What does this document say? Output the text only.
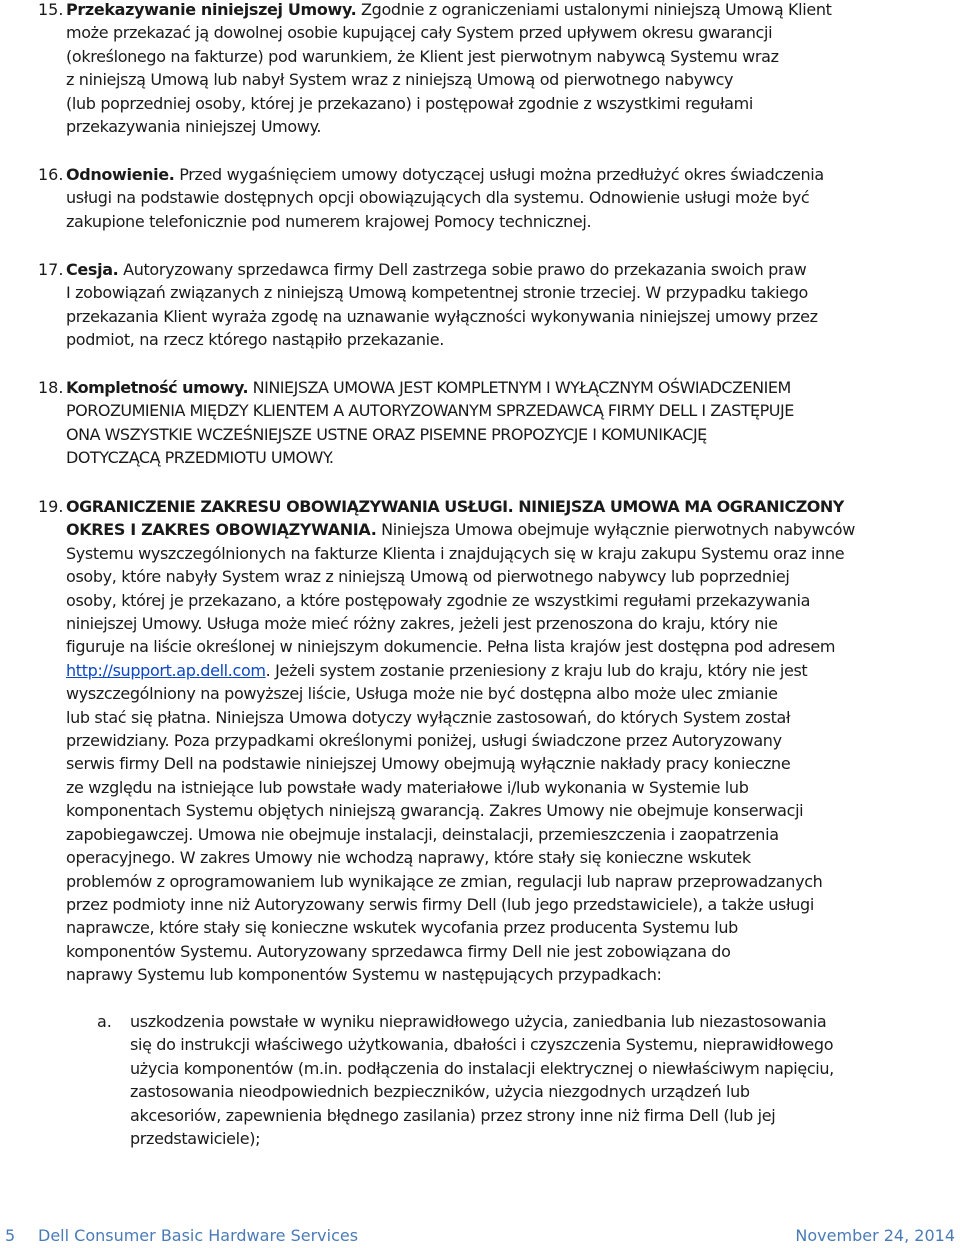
15. Przekazywanie niniejszej Umowy. Zgodnie z ograniczeniami ustalonymi niniejszą Umową Klient
może przekazać ją dowolnej osobie kupującej cały System przed upływem okresu gwarancji
(określonego na fakturze) pod warunkiem, że Klient jest pierwotnym nabywcą Systemu wraz
z niniejszą Umową lub nabył System wraz z niniejszą Umową od pierwotnego nabywcy
(lub poprzedniej osoby, której je przekazano) i postępował zgodnie z wszystkimi regułami
przekazywania niniejszej Umowy.
16. Odnowienie. Przed wygaśnięciem umowy dotyczącej usługi można przedłużyć okres świadczenia
usługi na podstawie dostępnych opcji obowiązujących dla systemu. Odnowienie usługi może być
zakupione telefonicznie pod numerem krajowej Pomocy technicznej.
17. Cesja. Autoryzowany sprzedawca firmy Dell zastrzega sobie prawo do przekazania swoich praw
I zobowiązań związanych z niniejszą Umową kompetentnej stronie trzeciej. W przypadku takiego
przekazania Klient wyraża zgodę na uznawanie wyłączności wykonywania niniejszej umowy przez
podmiot, na rzecz którego nastąpiło przekazanie.
18. Kompletność umowy. NINIEJSZA UMOWA JEST KOMPLETNYM I WYŁĄCZNYM OŚWIADCZENIEM
POROZUMIENIA MIĘDZY KLIENTEM A AUTORYZOWANYM SPRZEDAWCĄ FIRMY DELL I ZASTĘPUJE
ONA WSZYSTKIE WCZEŚNIEJSZE USTNE ORAZ PISEMNE PROPOZYCJE I KOMUNIKACJĘ
DOTYCZĄCĄ PRZEDMIOTU UMOWY.
19. OGRANICZENIE ZAKRESU OBOWIĄZYWANIA USŁUGI. NINIEJSZA UMOWA MA OGRANICZONY
OKRES I ZAKRES OBOWIĄZYWANIA. Niniejsza Umowa obejmuje wyłącznie pierwotnych nabywców
Systemu wyszczególnionych na fakturze Klienta i znajdujących się w kraju zakupu Systemu oraz inne
osoby, które nabyły System wraz z niniejszą Umową od pierwotnego nabywcy lub poprzedniej
osoby, której je przekazano, a które postępowały zgodnie ze wszystkimi regułami przekazywania
niniejszej Umowy. Usługa może mieć różny zakres, jeżeli jest przenoszona do kraju, który nie
figuruje na liście określonej w niniejszym dokumencie. Pełna lista krajów jest dostępna pod adresem
http://support.ap.dell.com. Jeżeli system zostanie przeniesiony z kraju lub do kraju, który nie jest
wyszczególniony na powyższej liście, Usługa może nie być dostępna albo może ulec zmianie
lub stać się płatna. Niniejsza Umowa dotyczy wyłącznie zastosowań, do których System został
przewidziany. Poza przypadkami określonymi poniżej, usługi świadczone przez Autoryzowany
serwis firmy Dell na podstawie niniejszej Umowy obejmują wyłącznie nakłady pracy konieczne
ze względu na istniejące lub powstałe wady materiałowe i/lub wykonania w Systemie lub
komponentach Systemu objętych niniejszą gwarancją. Zakres Umowy nie obejmuje konserwacji
zapobiegawczej. Umowa nie obejmuje instalacji, deinstalacji, przemieszczenia i zaopatrzenia
operacyjnego. W zakres Umowy nie wchodzą naprawy, które stały się konieczne wskutek
problemów z oprogramowaniem lub wynikające ze zmian, regulacji lub napraw przeprowadzanych
przez podmioty inne niż Autoryzowany serwis firmy Dell (lub jego przedstawiciele), a także usługi
naprawcze, które stały się konieczne wskutek wycofania przez producenta Systemu lub
komponentów Systemu. Autoryzowany sprzedawca firmy Dell nie jest zobowiązana do
naprawy Systemu lub komponentów Systemu w następujących przypadkach:
a. uszkodzenia powstałe w wyniku nieprawidłowego użycia, zaniedbania lub niezastosowania
się do instrukcji właściwego użytkowania, dbałości i czyszczenia Systemu, nieprawidłowego
użycia komponentów (m.in. podłączenia do instalacji elektrycznej o niewłaściwym napięciu,
zastosowania nieodpowiednich bezpieczników, użycia niezgodnych urządzeń lub
akcesoriów, zapewnienia błędnego zasilania) przez strony inne niż firma Dell (lub jej
przedstawiciele);
5 Dell Consumer Basic Hardware Services	November 24, 2014
